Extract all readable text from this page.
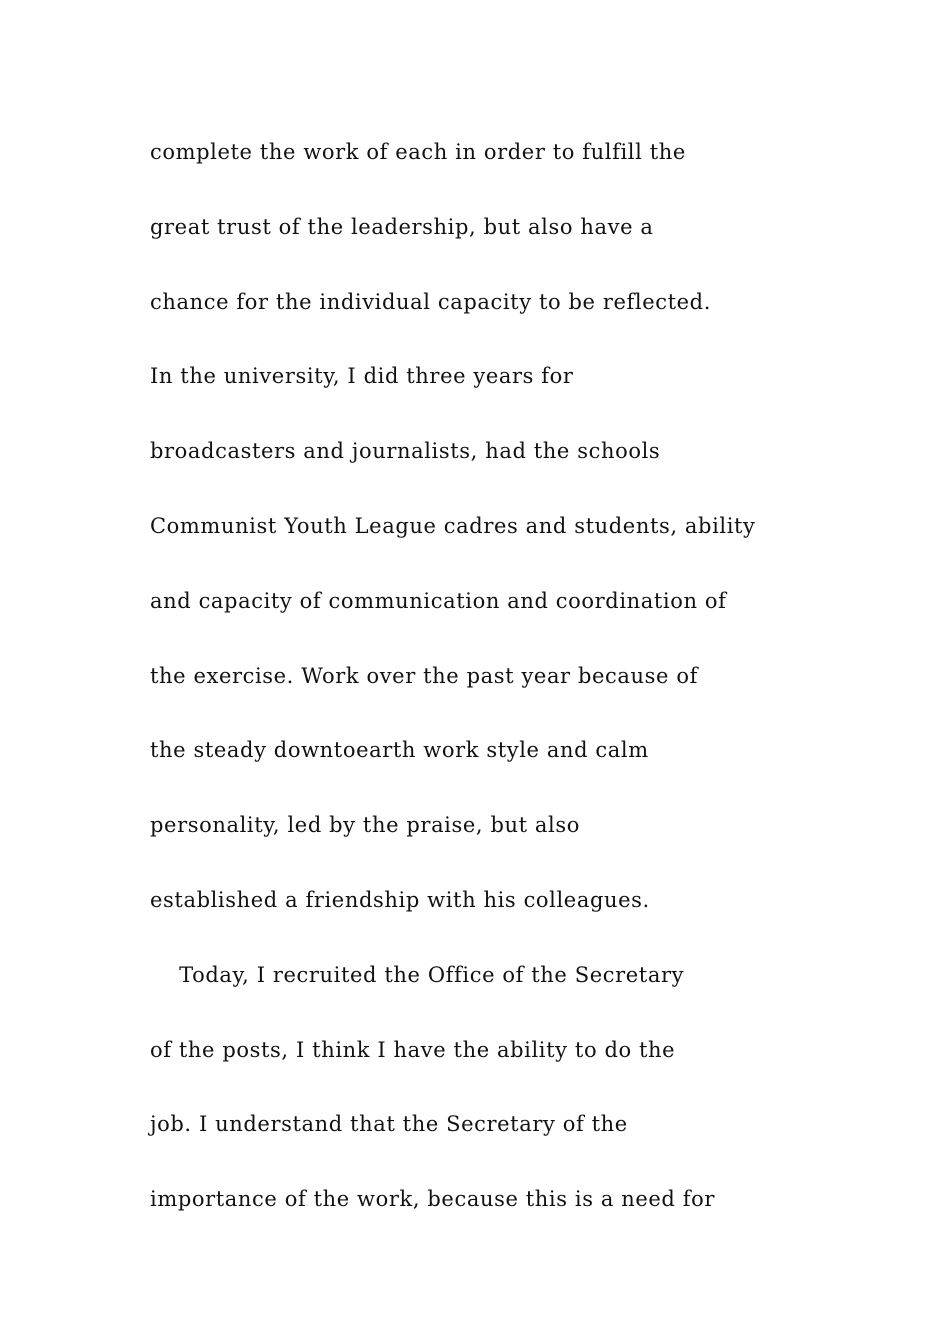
complete the work of each in order to fulfill the
great trust of the leadership, but also have a
chance for the individual capacity to be reflected.
In the university, I did three years for
broadcasters and journalists, had the schools
Communist Youth League cadres and students, ability
and capacity of communication and coordination of
the exercise. Work over the past year because of
the steady downtoearth work style and calm
personality, led by the praise, but also
established a friendship with his colleagues.
Today, I recruited the Office of the Secretary
of the posts, I think I have the ability to do the
job. I understand that the Secretary of the
importance of the work, because this is a need for
